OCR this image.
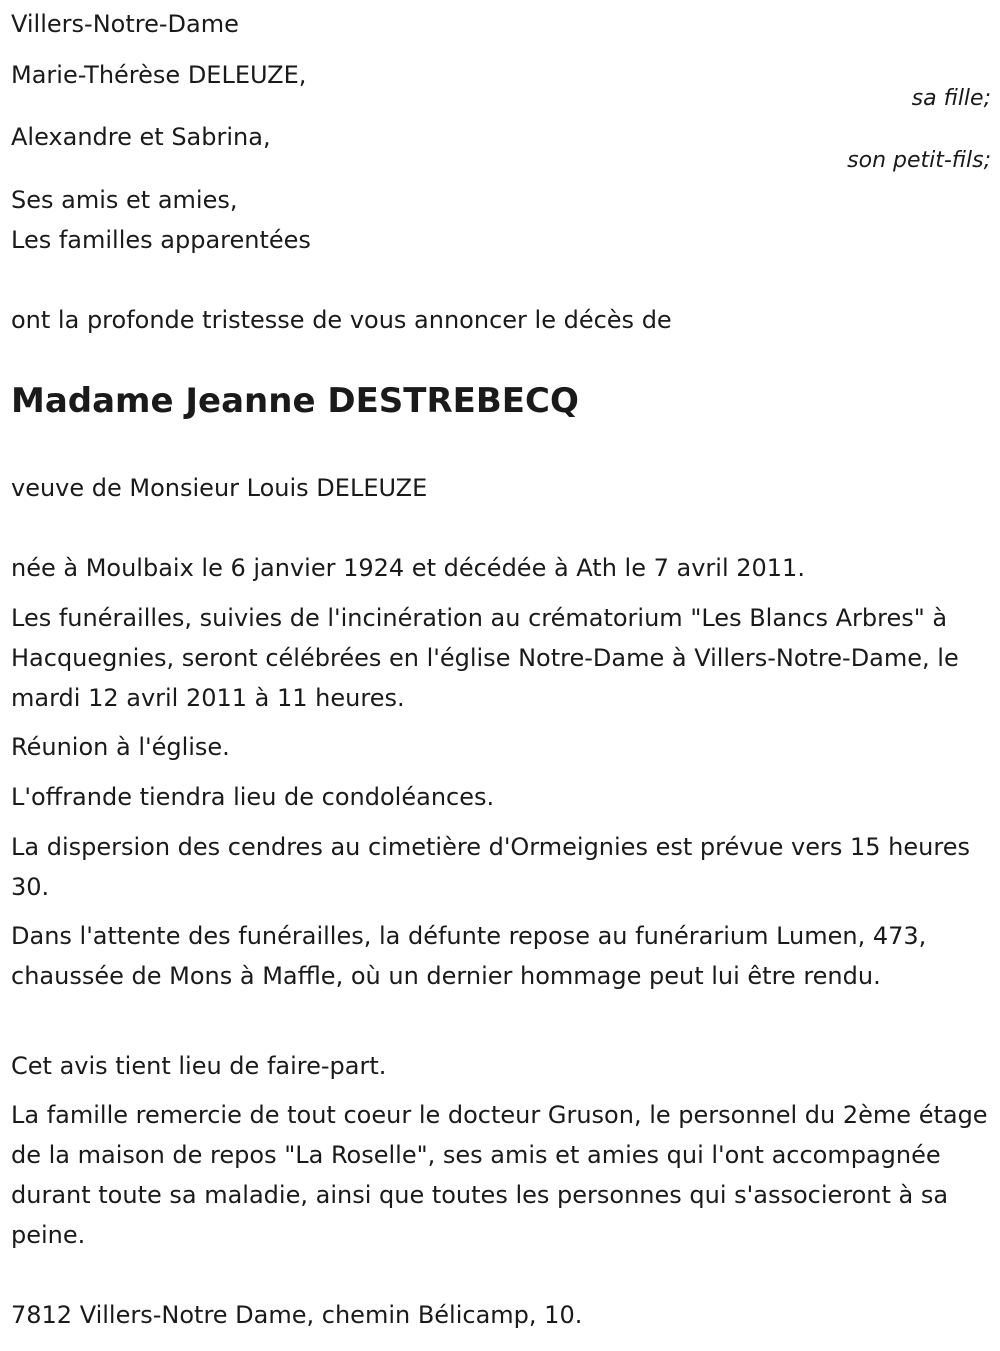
Villers-Notre-Dame
Marie-Thérèse DELEUZE,
sa fille;
Alexandre et Sabrina,
son petit-fils;
Ses amis et amies,
Les familles apparentées
ont la profonde tristesse de vous annoncer le décès de
Madame Jeanne DESTREBECQ
veuve de Monsieur Louis DELEUZE
née à Moulbaix le 6 janvier 1924 et décédée à Ath le 7 avril 2011.
Les funérailles, suivies de l'incinération au crématorium "Les Blancs Arbres" à Hacquegnies, seront célébrées en l'église Notre-Dame à Villers-Notre-Dame, le mardi 12 avril 2011 à 11 heures.
Réunion à l'église.
L'offrande tiendra lieu de condoléances.
La dispersion des cendres au cimetière d'Ormeignies est prévue vers 15 heures 30.
Dans l'attente des funérailles, la défunte repose au funérarium Lumen, 473, chaussée de Mons à Maffle, où un dernier hommage peut lui être rendu.
Cet avis tient lieu de faire-part.
La famille remercie de tout coeur le docteur Gruson, le personnel du 2ème étage de la maison de repos "La Roselle", ses amis et amies qui l'ont accompagnée durant toute sa maladie, ainsi que toutes les personnes qui s'associeront à sa peine.
7812 Villers-Notre Dame, chemin Bélicamp, 10.
